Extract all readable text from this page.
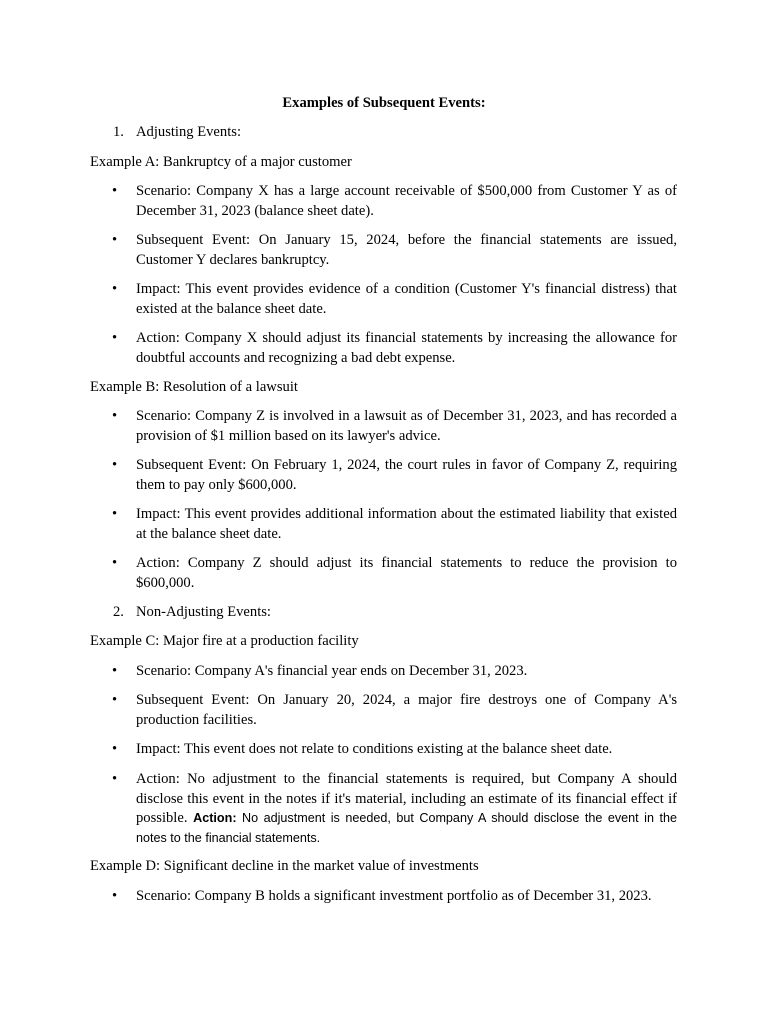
Examples of Subsequent Events:
1. Adjusting Events:
Example A: Bankruptcy of a major customer
• Scenario: Company X has a large account receivable of $500,000 from Customer Y as of December 31, 2023 (balance sheet date).
• Subsequent Event: On January 15, 2024, before the financial statements are issued, Customer Y declares bankruptcy.
• Impact: This event provides evidence of a condition (Customer Y's financial distress) that existed at the balance sheet date.
• Action: Company X should adjust its financial statements by increasing the allowance for doubtful accounts and recognizing a bad debt expense.
Example B: Resolution of a lawsuit
• Scenario: Company Z is involved in a lawsuit as of December 31, 2023, and has recorded a provision of $1 million based on its lawyer's advice.
• Subsequent Event: On February 1, 2024, the court rules in favor of Company Z, requiring them to pay only $600,000.
• Impact: This event provides additional information about the estimated liability that existed at the balance sheet date.
• Action: Company Z should adjust its financial statements to reduce the provision to $600,000.
2. Non-Adjusting Events:
Example C: Major fire at a production facility
• Scenario: Company A's financial year ends on December 31, 2023.
• Subsequent Event: On January 20, 2024, a major fire destroys one of Company A's production facilities.
• Impact: This event does not relate to conditions existing at the balance sheet date.
• Action: No adjustment to the financial statements is required, but Company A should disclose this event in the notes if it's material, including an estimate of its financial effect if possible. Action: No adjustment is needed, but Company A should disclose the event in the notes to the financial statements.
Example D: Significant decline in the market value of investments
• Scenario: Company B holds a significant investment portfolio as of December 31, 2023.
